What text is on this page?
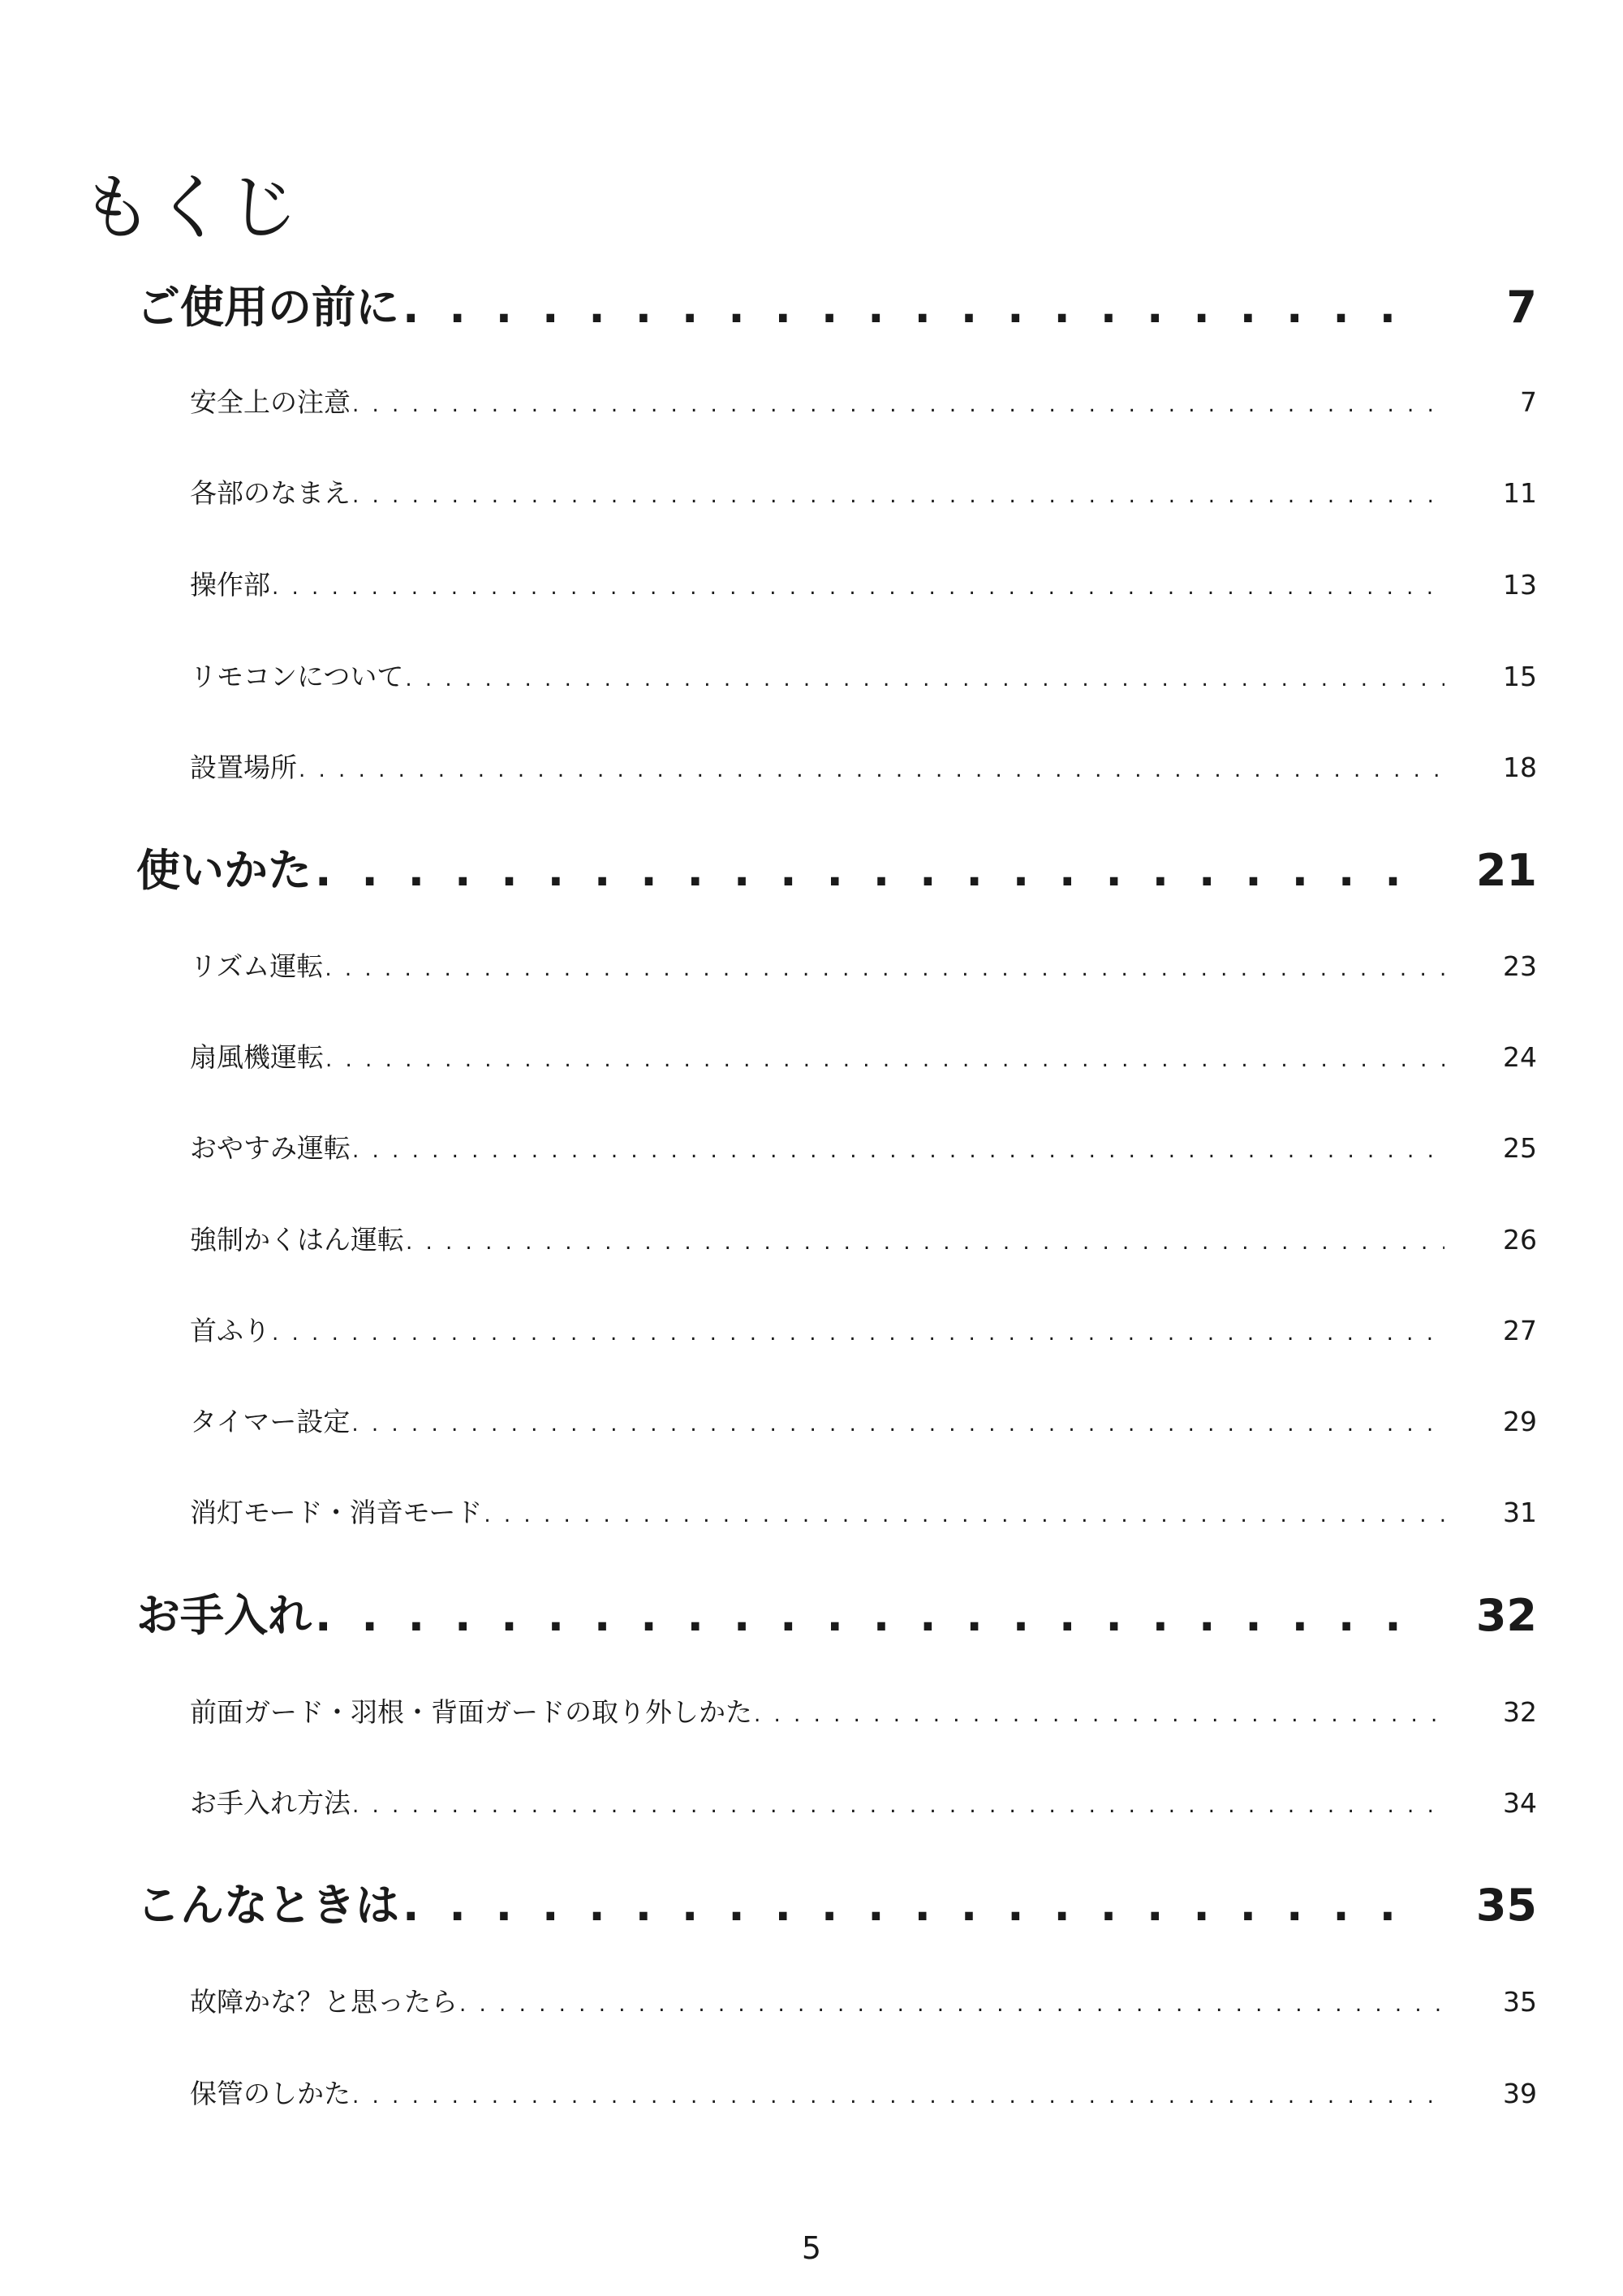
もくじ
ご使用の前に . . .	7
安全上の注意 . . .	7
各部のなまえ . . .	11
操作部 . . .	13
リモコンについて . . .	15
設置場所 . . .	18
使いかた . . .	21
リズム運転 . . .	23
扇風機運転 . . .	24
おやすみ運転 . . .	25
強制かくはん運転 . . .	26
首ふり . . .	27
タイマー設定 . . .	29
消灯モード・消音モード . . .	31
お手入れ . . .	32
前面ガード・羽根・背面ガードの取り外しかた . . .	32
お手入れ方法 . . .	34
こんなときは . . .	35
故障かな？と思ったら . . .	35
保管のしかた . . .	39
5
